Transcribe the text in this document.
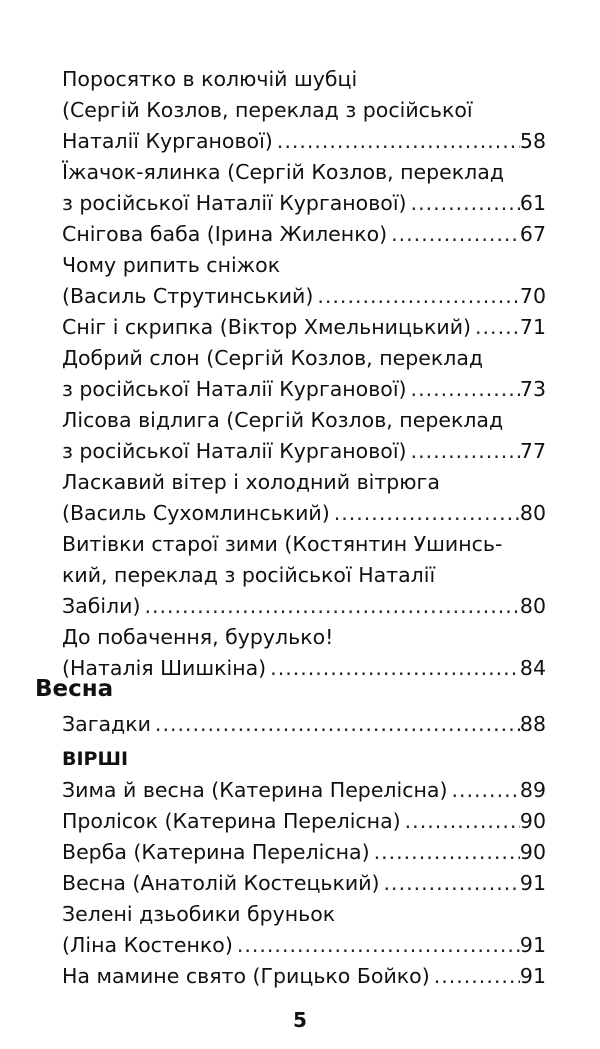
Поросятко в колючій шубці
(Сергій Козлов, переклад з російської
Наталії Курганової) .....	58
Їжачок-ялинка (Сергій Козлов, переклад
з російської Наталії Курганової) .....	61
Снігова баба (Ірина Жиленко) .....	67
Чому рипить сніжок
(Василь Струтинський) .....	70
Сніг і скрипка (Віктор Хмельницький) ..... 71
Добрий слон (Сергій Козлов, переклад
з російської Наталії Курганової) .....	73
Лісова відлига (Сергій Козлов, переклад
з російської Наталії Курганової) .....	77
Ласкавий вітер і холодний вітрюга
(Василь Сухомлинський) .....	80
Витівки старої зими (Костянтин Ушинсь-
кий, переклад з російської Наталії
Забіли) .....	80
До побачення, бурулько!
(Наталія Шишкіна) .....	84
Весна
Загадки .....	88
ВІРШІ
Зима й весна (Катерина Перелісна) .....	89
Пролісок (Катерина Перелісна) .....	90
Верба (Катерина Перелісна) .....	90
Весна (Анатолій Костецький) .....	91
Зелені дзьобики бруньок
(Ліна Костенко) .....	91
На мамине свято (Грицько Бойко) .....	91
5
